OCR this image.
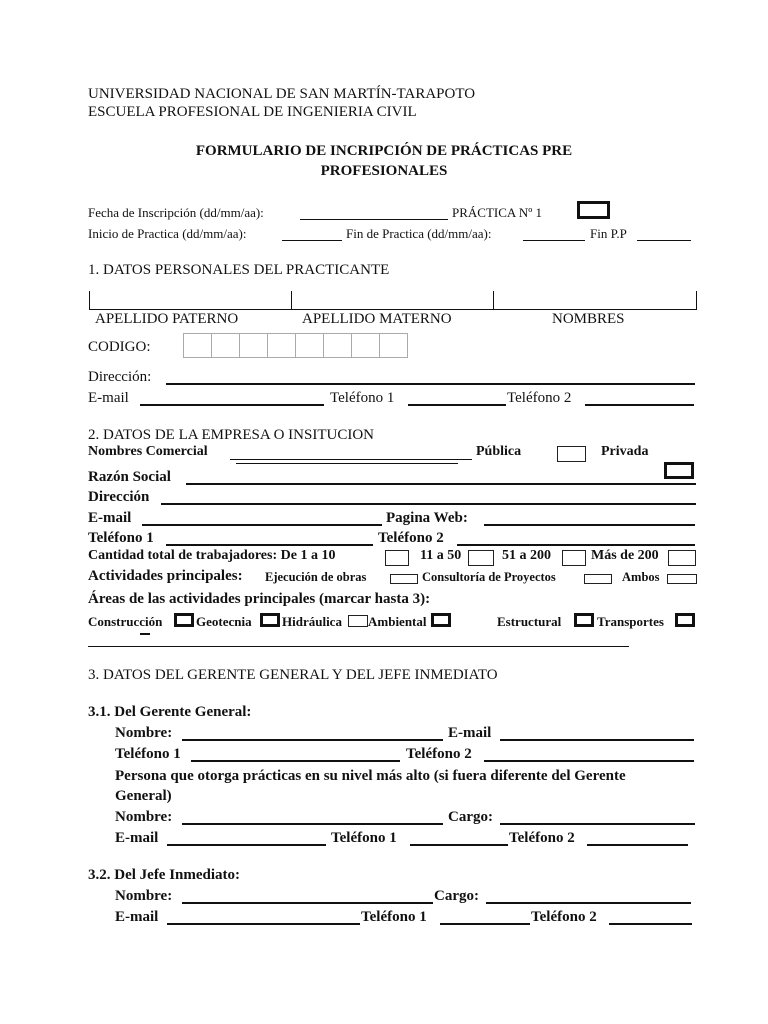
UNIVERSIDAD NACIONAL DE SAN MARTÍN-TARAPOTO
ESCUELA PROFESIONAL DE INGENIERIA CIVIL
FORMULARIO DE INCRIPCIÓN DE PRÁCTICAS PRE
PROFESIONALES
Fecha de Inscripción (dd/mm/aa):	PRÁCTICA Nº 1
Inicio de Practica (dd/mm/aa):	Fin de Practica (dd/mm/aa):	Fin P.P
1. DATOS PERSONALES DEL PRACTICANTE
APELLIDO PATERNO	APELLIDO MATERNO	NOMBRES
CODIGO:
Dirección:
E-mail	Teléfono 1	Teléfono 2
2. DATOS DE LA EMPRESA O INSITUCION
Nombres Comercial	Pública	Privada
Razón Social
Dirección
E-mail	Pagina Web:
Teléfono 1	Teléfono 2
Cantidad total de trabajadores: De 1 a 10	11 a 50	51 a 200	Más de 200
Actividades principales: Ejecución de obras	Consultoría de Proyectos	Ambos
Áreas de las actividades principales (marcar hasta 3):
Construcción	Geotecnia Hidráulica Ambiental	Estructural	Transportes
3. DATOS DEL GERENTE GENERAL Y DEL JEFE INMEDIATO
3.1. Del Gerente General:
Nombre:	E-mail
Teléfono 1	Teléfono 2
Persona que otorga prácticas en su nivel más alto (si fuera diferente del Gerente
General)
Nombre:	Cargo:
E-mail	Teléfono 1	Teléfono 2
3.2. Del Jefe Inmediato:
Nombre:	Cargo:
E-mail	Teléfono 1	Teléfono 2
